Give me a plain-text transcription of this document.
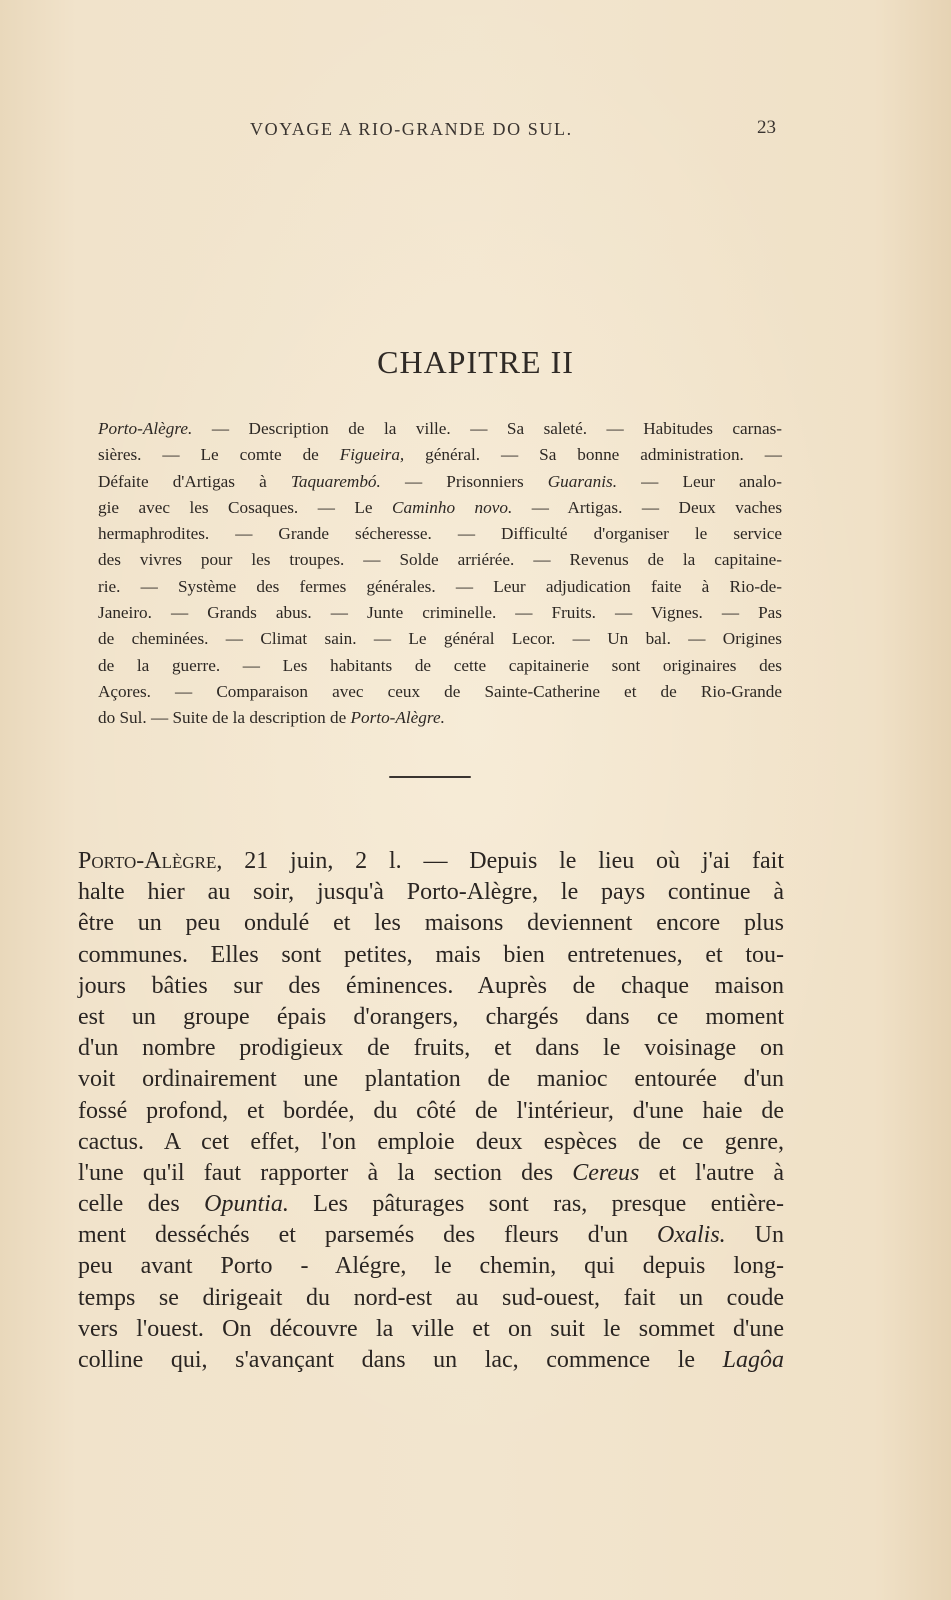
VOYAGE A RIO-GRANDE DO SUL.	23
CHAPITRE II
Porto-Alègre. — Description de la ville. — Sa saleté. — Habitudes carnas-
sières. — Le comte de Figueira, général. — Sa bonne administration. —
Défaite d'Artigas à Taquarembó. — Prisonniers Guaranis. — Leur analo-
gie avec les Cosaques. — Le Caminho novo. — Artigas. — Deux vaches
hermaphrodites. — Grande sécheresse. — Difficulté d'organiser le service
des vivres pour les troupes. — Solde arriérée. — Revenus de la capitaine-
rie. — Système des fermes générales. — Leur adjudication faite à Rio-de-
Janeiro. — Grands abus. — Junte criminelle. — Fruits. — Vignes. — Pas
de cheminées. — Climat sain. — Le général Lecor. — Un bal. — Origines
de la guerre. — Les habitants de cette capitainerie sont originaires des
Açores. — Comparaison avec ceux de Sainte-Catherine et de Rio-Grande
do Sul. — Suite de la description de Porto-Alègre.
Porto-Alègre, 21 juin, 2 l. — Depuis le lieu où j'ai fait
halte hier au soir, jusqu'à Porto-Alègre, le pays continue à
être un peu ondulé et les maisons deviennent encore plus
communes. Elles sont petites, mais bien entretenues, et tou-
jours bâties sur des éminences. Auprès de chaque maison
est un groupe épais d'orangers, chargés dans ce moment
d'un nombre prodigieux de fruits, et dans le voisinage on
voit ordinairement une plantation de manioc entourée d'un
fossé profond, et bordée, du côté de l'intérieur, d'une haie de
cactus. A cet effet, l'on emploie deux espèces de ce genre,
l'une qu'il faut rapporter à la section des Cereus et l'autre à
celle des Opuntia. Les pâturages sont ras, presque entière-
ment desséchés et parsemés des fleurs d'un Oxalis. Un
peu avant Porto - Alégre, le chemin, qui depuis long-
temps se dirigeait du nord-est au sud-ouest, fait un coude
vers l'ouest. On découvre la ville et on suit le sommet d'une
colline qui, s'avançant dans un lac, commence le Lagôa
